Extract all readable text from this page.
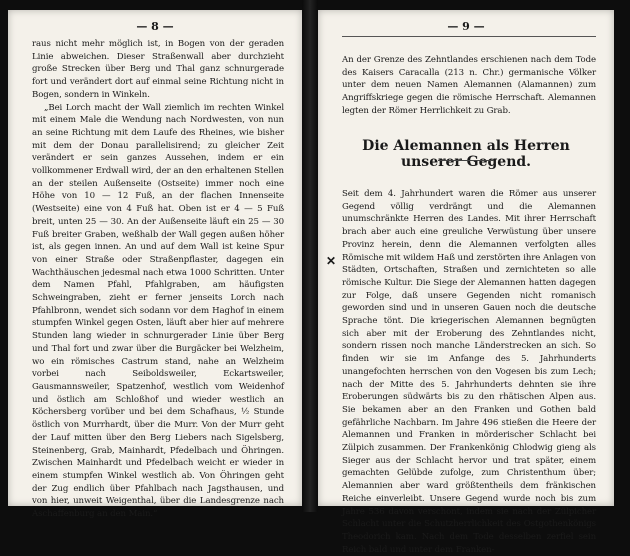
— 8 —

raus nicht mehr möglich ist, in Bogen von der geraden Linie abweichen. Dieser Straßenwall aber durchzieht große Strecken über Berg und Thal ganz schnurgerade fort und verändert dort auf einmal seine Richtung nicht in Bogen, sondern in Winkeln.

„Bei Lorch macht der Wall ziemlich im rechten Winkel mit einem Male die Wendung nach Nordwesten, von nun an seine Richtung mit dem Laufe des Rheines, wie bisher mit dem der Donau parallelisirend; zu gleicher Zeit verändert er sein ganzes Aussehen, indem er ein vollkommener Erdwall wird, der an den erhaltenen Stellen an der steilen Außenseite (Ostseite) immer noch eine Höhe von 10 — 12 Fuß, an der flachen Innenseite (Westseite) eine von 4 Fuß hat. Oben ist er 4 — 5 Fuß breit, unten 25 — 30. An der Außenseite läuft ein 25 — 30 Fuß breiter Graben, weßhalb der Wall gegen außen höher ist, als gegen innen. An und auf dem Wall ist keine Spur von einer Straße oder Straßenpflaster, dagegen ein Wachthäuschen jedesmal nach etwa 1000 Schritten. Unter dem Namen Pfahl, Pfahlgraben, am häufigsten Schweingraben, zieht er ferner jenseits Lorch nach Pfahlbronn, wendet sich sodann vor dem Haghof in einem stumpfen Winkel gegen Osten, läuft aber hier auf mehrere Stunden lang wieder in schnurgerader Linie über Berg und Thal fort und zwar über die Burgäcker bei Welzheim, wo ein römisches Castrum stand, nahe an Welzheim vorbei nach Seiboldsweiler, Eckartsweiler, Gausmannsweiler, Spatzenhof, westlich vom Weidenhof und östlich am Schloßhof und wieder westlich an Köchersberg vorüber und bei dem Schafhaus, ½ Stunde östlich von Murrhardt, über die Murr. Von der Murr geht der Lauf mitten über den Berg Liebers nach Sigelsberg, Steinenberg, Grab, Mainhardt, Pfedelbach und Öhringen. Zwischen Mainhardt und Pfedelbach weicht er wieder in einem stumpfen Winkel westlich ab. Von Öhringen geht der Zug endlich über Pfahlbach nach Jagsthausen, und von hier, unweit Weigenthal, über die Landesgrenze nach Aschaffenburg an den Main.“

— 9 —

An der Grenze des Zehntlandes erschienen nach dem Tode des Kaisers Caracalla (213 n. Chr.) germanische Völker unter dem neuen Namen Alemannen (Alamannen) zum Angriffskriege gegen die römische Herrschaft. Alemannen legten der Römer Herrlichkeit zu Grab.

Die Alemannen als Herren unserer Gegend.
✕

Seit dem 4. Jahrhundert waren die Römer aus unserer Gegend völlig verdrängt und die Alemannen unumschränkte Herren des Landes. Mit ihrer Herrschaft brach aber auch eine greuliche Verwüstung über unsere Provinz herein, denn die Alemannen verfolgten alles Römische mit wildem Haß und zerstörten ihre Anlagen von Städten, Ortschaften, Straßen und zernichteten so alle römische Kultur. Die Siege der Alemannen hatten dagegen zur Folge, daß unsere Gegenden nicht romanisch geworden sind und in unseren Gauen noch die deutsche Sprache tönt. Die kriegerischen Alemannen begnügten sich aber mit der Eroberung des Zehntlandes nicht, sondern rissen noch manche Länderstrecken an sich. So finden wir sie im Anfange des 5. Jahrhunderts unangefochten herrschen von den Vogesen bis zum Lech; nach der Mitte des 5. Jahrhunderts dehnten sie ihre Eroberungen südwärts bis zu den rhätischen Alpen aus. Sie bekamen aber an den Franken und Gothen bald gefährliche Nachbarn. Im Jahre 496 stießen die Heere der Alemannen und Franken in mörderischer Schlacht bei Zülpich zusammen. Der Frankenkönig Chlodwig gieng als Sieger aus der Schlacht hervor und trat später, einem gemachten Gelübde zufolge, zum Christenthum über; Alemannien aber ward größtentheils dem fränkischen Reiche einverleibt. Unsere Gegend wurde noch bis zum Jahre 536 davon verschont, indem sie nach der Zülpicher Schlacht unter die Schutzherrlichkeit des Ostgothenkönigs Theodorich kam. Nach dem Tode desselben zerfiel sein Reich bald und unter dem Franken-
